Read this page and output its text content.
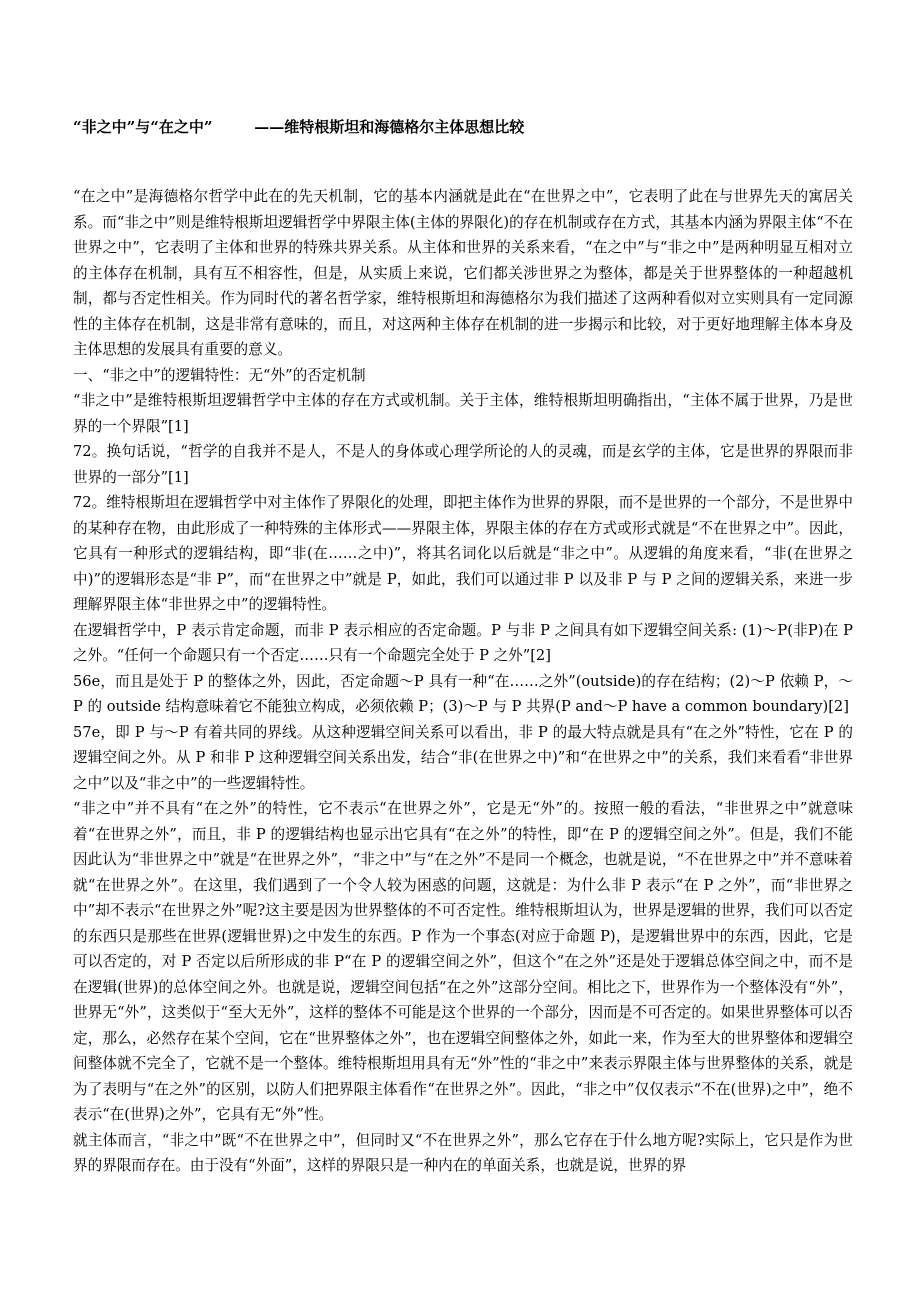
“非之中”与“在之中”	——维特根斯坦和海德格尔主体思想比较

“在之中”是海德格尔哲学中此在的先天机制，它的基本内涵就是此在“在世界之中”，它表明了此在与世界先天的寓居关系。而“非之中”则是维特根斯坦逻辑哲学中界限主体(主体的界限化)的存在机制或存在方式，其基本内涵为界限主体“不在世界之中”，它表明了主体和世界的特殊共界关系。从主体和世界的关系来看，“在之中”与“非之中”是两种明显互相对立的主体存在机制，具有互不相容性，但是，从实质上来说，它们都关涉世界之为整体，都是关于世界整体的一种超越机制，都与否定性相关。作为同时代的著名哲学家，维特根斯坦和海德格尔为我们描述了这两种看似对立实则具有一定同源性的主体存在机制，这是非常有意味的，而且，对这两种主体存在机制的进一步揭示和比较，对于更好地理解主体本身及主体思想的发展具有重要的意义。

一、“非之中”的逻辑特性：无“外”的否定机制

“非之中”是维特根斯坦逻辑哲学中主体的存在方式或机制。关于主体，维特根斯坦明确指出，“主体不属于世界，乃是世界的一个界限”[1]

72。换句话说，“哲学的自我并不是人，不是人的身体或心理学所论的人的灵魂，而是玄学的主体，它是世界的界限而非世界的一部分”[1]

72。维特根斯坦在逻辑哲学中对主体作了界限化的处理，即把主体作为世界的界限，而不是世界的一个部分，不是世界中的某种存在物，由此形成了一种特殊的主体形式——界限主体，界限主体的存在方式或形式就是“不在世界之中”。因此，它具有一种形式的逻辑结构，即“非(在……之中)”，将其名词化以后就是“非之中”。从逻辑的角度来看，“非(在世界之中)”的逻辑形态是“非 P”，而“在世界之中”就是 P，如此，我们可以通过非 P 以及非 P 与 P 之间的逻辑关系，来进一步理解界限主体“非世界之中”的逻辑特性。

在逻辑哲学中，P 表示肯定命题，而非 P 表示相应的否定命题。P 与非 P 之间具有如下逻辑空间关系: (1)～P(非P)在 P 之外。“任何一个命题只有一个否定……只有一个命题完全处于 P 之外”[2]

56e，而且是处于 P 的整体之外，因此，否定命题～P 具有一种“在……之外”(outside)的存在结构；(2)～P 依赖 P，～P 的 outside 结构意味着它不能独立构成，必须依赖 P；(3)～P 与 P 共界(P and～P have a common boundary)[2]

57e，即 P 与～P 有着共同的界线。从这种逻辑空间关系可以看出，非 P 的最大特点就是具有“在之外”特性，它在 P 的逻辑空间之外。从 P 和非 P 这种逻辑空间关系出发，结合“非(在世界之中)”和“在世界之中”的关系，我们来看看“非世界之中”以及“非之中”的一些逻辑特性。

“非之中”并不具有“在之外”的特性，它不表示“在世界之外”，它是无“外”的。按照一般的看法，“非世界之中”就意味着“在世界之外”，而且，非 P 的逻辑结构也显示出它具有“在之外”的特性，即“在 P 的逻辑空间之外”。但是，我们不能因此认为“非世界之中”就是“在世界之外”，“非之中”与“在之外”不是同一个概念，也就是说，“不在世界之中”并不意味着就“在世界之外”。在这里，我们遇到了一个令人较为困惑的问题，这就是：为什么非 P 表示“在 P 之外”，而“非世界之中”却不表示“在世界之外”呢?这主要是因为世界整体的不可否定性。维特根斯坦认为，世界是逻辑的世界，我们可以否定的东西只是那些在世界(逻辑世界)之中发生的东西。P 作为一个事态(对应于命题 P)，是逻辑世界中的东西，因此，它是可以否定的，对 P 否定以后所形成的非 P“在 P 的逻辑空间之外”，但这个“在之外”还是处于逻辑总体空间之中，而不是在逻辑(世界)的总体空间之外。也就是说，逻辑空间包括“在之外”这部分空间。相比之下，世界作为一个整体没有“外”，世界无“外”，这类似于“至大无外”，这样的整体不可能是这个世界的一个部分，因而是不可否定的。如果世界整体可以否定，那么，必然存在某个空间，它在“世界整体之外”，也在逻辑空间整体之外，如此一来，作为至大的世界整体和逻辑空间整体就不完全了，它就不是一个整体。维特根斯坦用具有无“外”性的“非之中”来表示界限主体与世界整体的关系，就是为了表明与“在之外”的区别，以防人们把界限主体看作“在世界之外”。因此，“非之中”仅仅表示“不在(世界)之中”，绝不表示“在(世界)之外”，它具有无“外”性。

就主体而言，“非之中”既“不在世界之中”，但同时又“不在世界之外”，那么它存在于什么地方呢?实际上，它只是作为世界的界限而存在。由于没有“外面”，这样的界限只是一种内在的单面关系，也就是说，世界的界
